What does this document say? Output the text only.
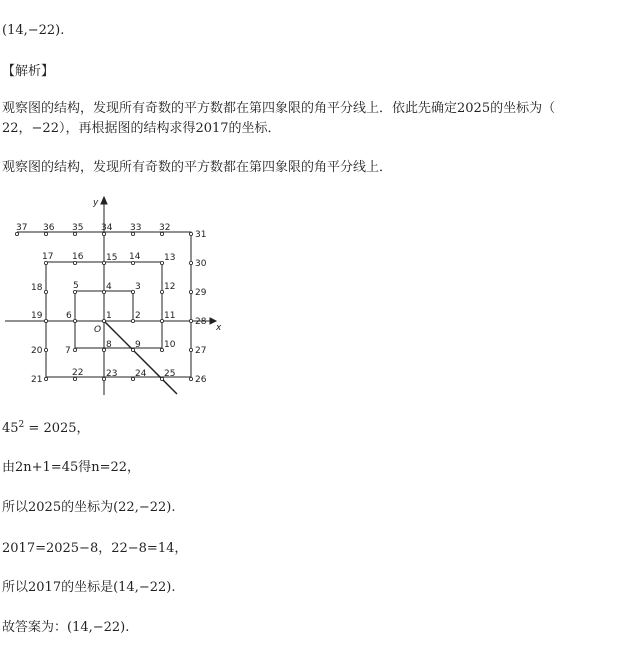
(14,−22).
【解析】
观察图的结构，发现所有奇数的平方数都在第四象限的角平分线上．依此先确定2025的坐标为（
22，−22），再根据图的结构求得2017的坐标．
观察图的结构，发现所有奇数的平方数都在第四象限的角平分线上．
1	2
3
4
5
6
7
8	9	10
11
12
13
14
15
16
17
18
19
20
21
22	23 24 25
26
27
28
29
30
31
32
33
34
35
36
37
x
y
O
$45^2 = 2025$，
由2n+1=45得n=22，
所以2025的坐标为(22,−22).
2017=2025−8，22−8=14，
所以2017的坐标是(14,−22).
故答案为：(14,−22).
